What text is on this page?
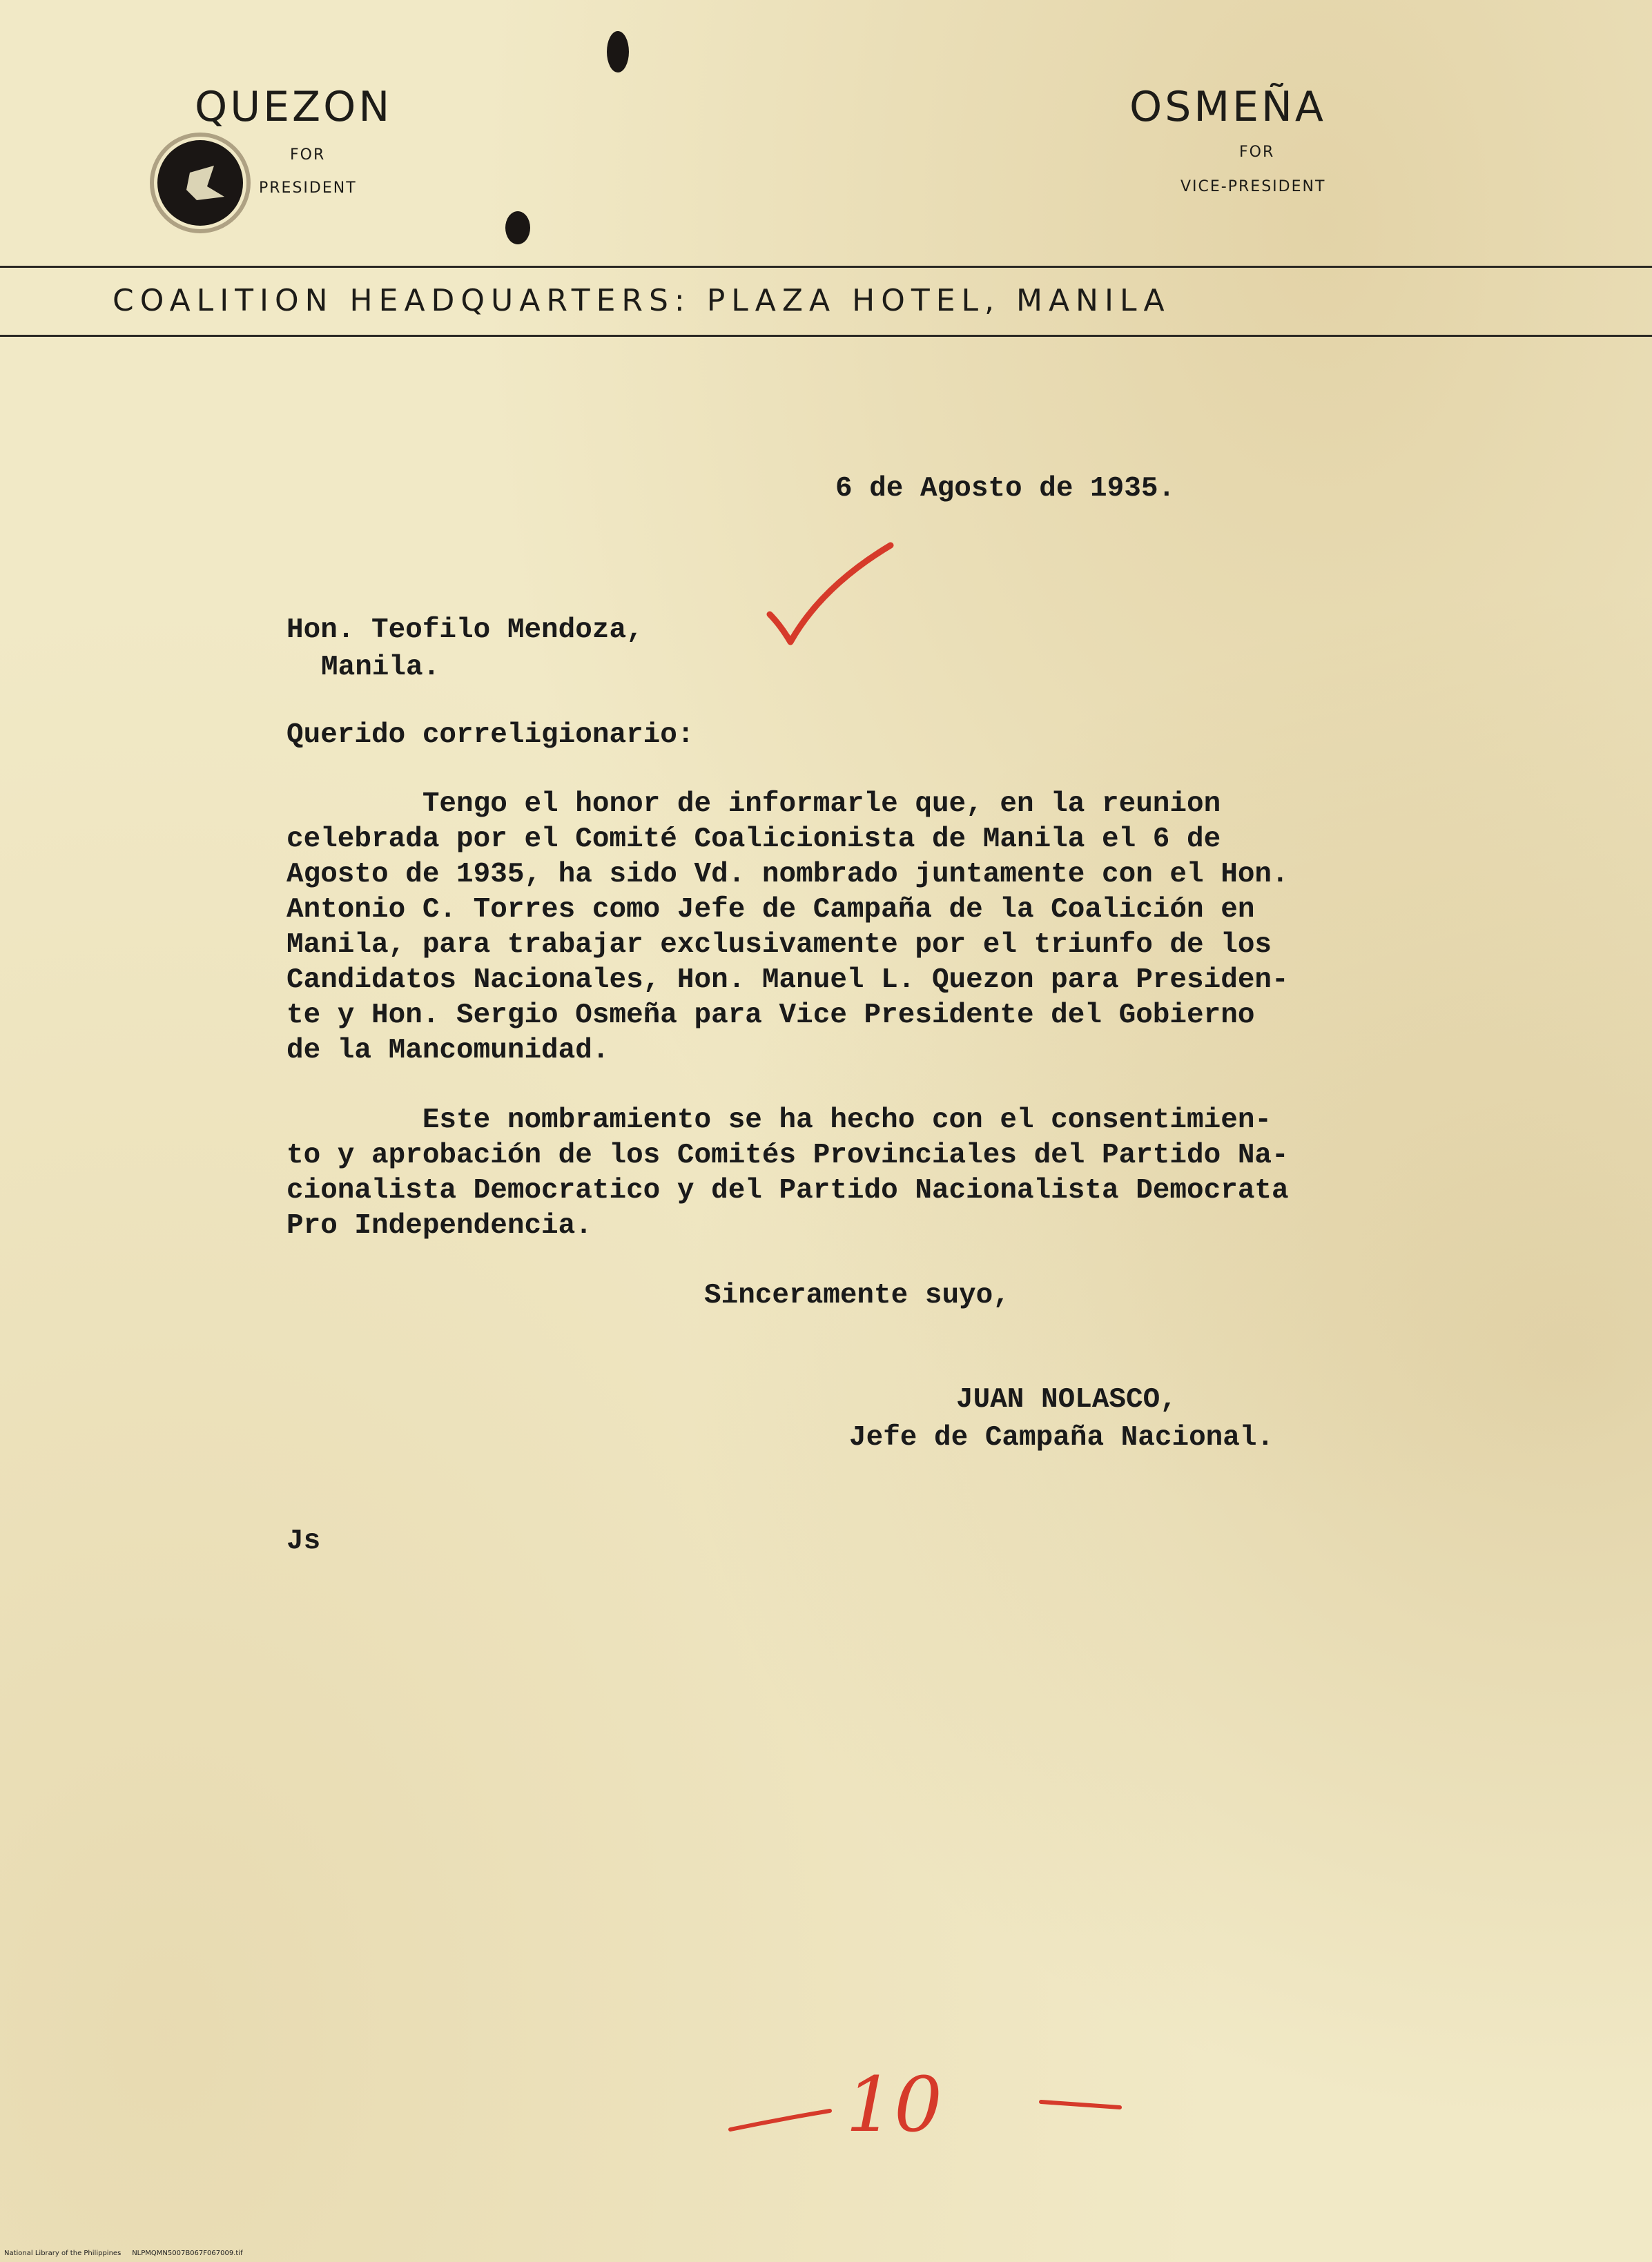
QUEZON
FOR
PRESIDENT
OSMEÑA
FOR
VICE-PRESIDENT
COALITION HEADQUARTERS: PLAZA HOTEL, MANILA
6 de Agosto de 1935.
Hon. Teofilo Mendoza,
Manila.
Querido correligionario:
Tengo el honor de informarle que, en la reunion
celebrada por el Comité Coalicionista de Manila el 6 de
Agosto de 1935, ha sido Vd. nombrado juntamente con el Hon.
Antonio C. Torres como Jefe de Campaña de la Coalición en
Manila, para trabajar exclusivamente por el triunfo de los
Candidatos Nacionales, Hon. Manuel L. Quezon para Presiden-
te y Hon. Sergio Osmeña para Vice Presidente del Gobierno
de la Mancomunidad.
Este nombramiento se ha hecho con el consentimien-
to y aprobación de los Comités Provinciales del Partido Na-
cionalista Democratico y del Partido Nacionalista Democrata
Pro Independencia.
Sinceramente suyo,
JUAN NOLASCO,
Jefe de Campaña Nacional.
Js
10
National Library of the Philippines NLPMQMN5007B067F067009.tif
